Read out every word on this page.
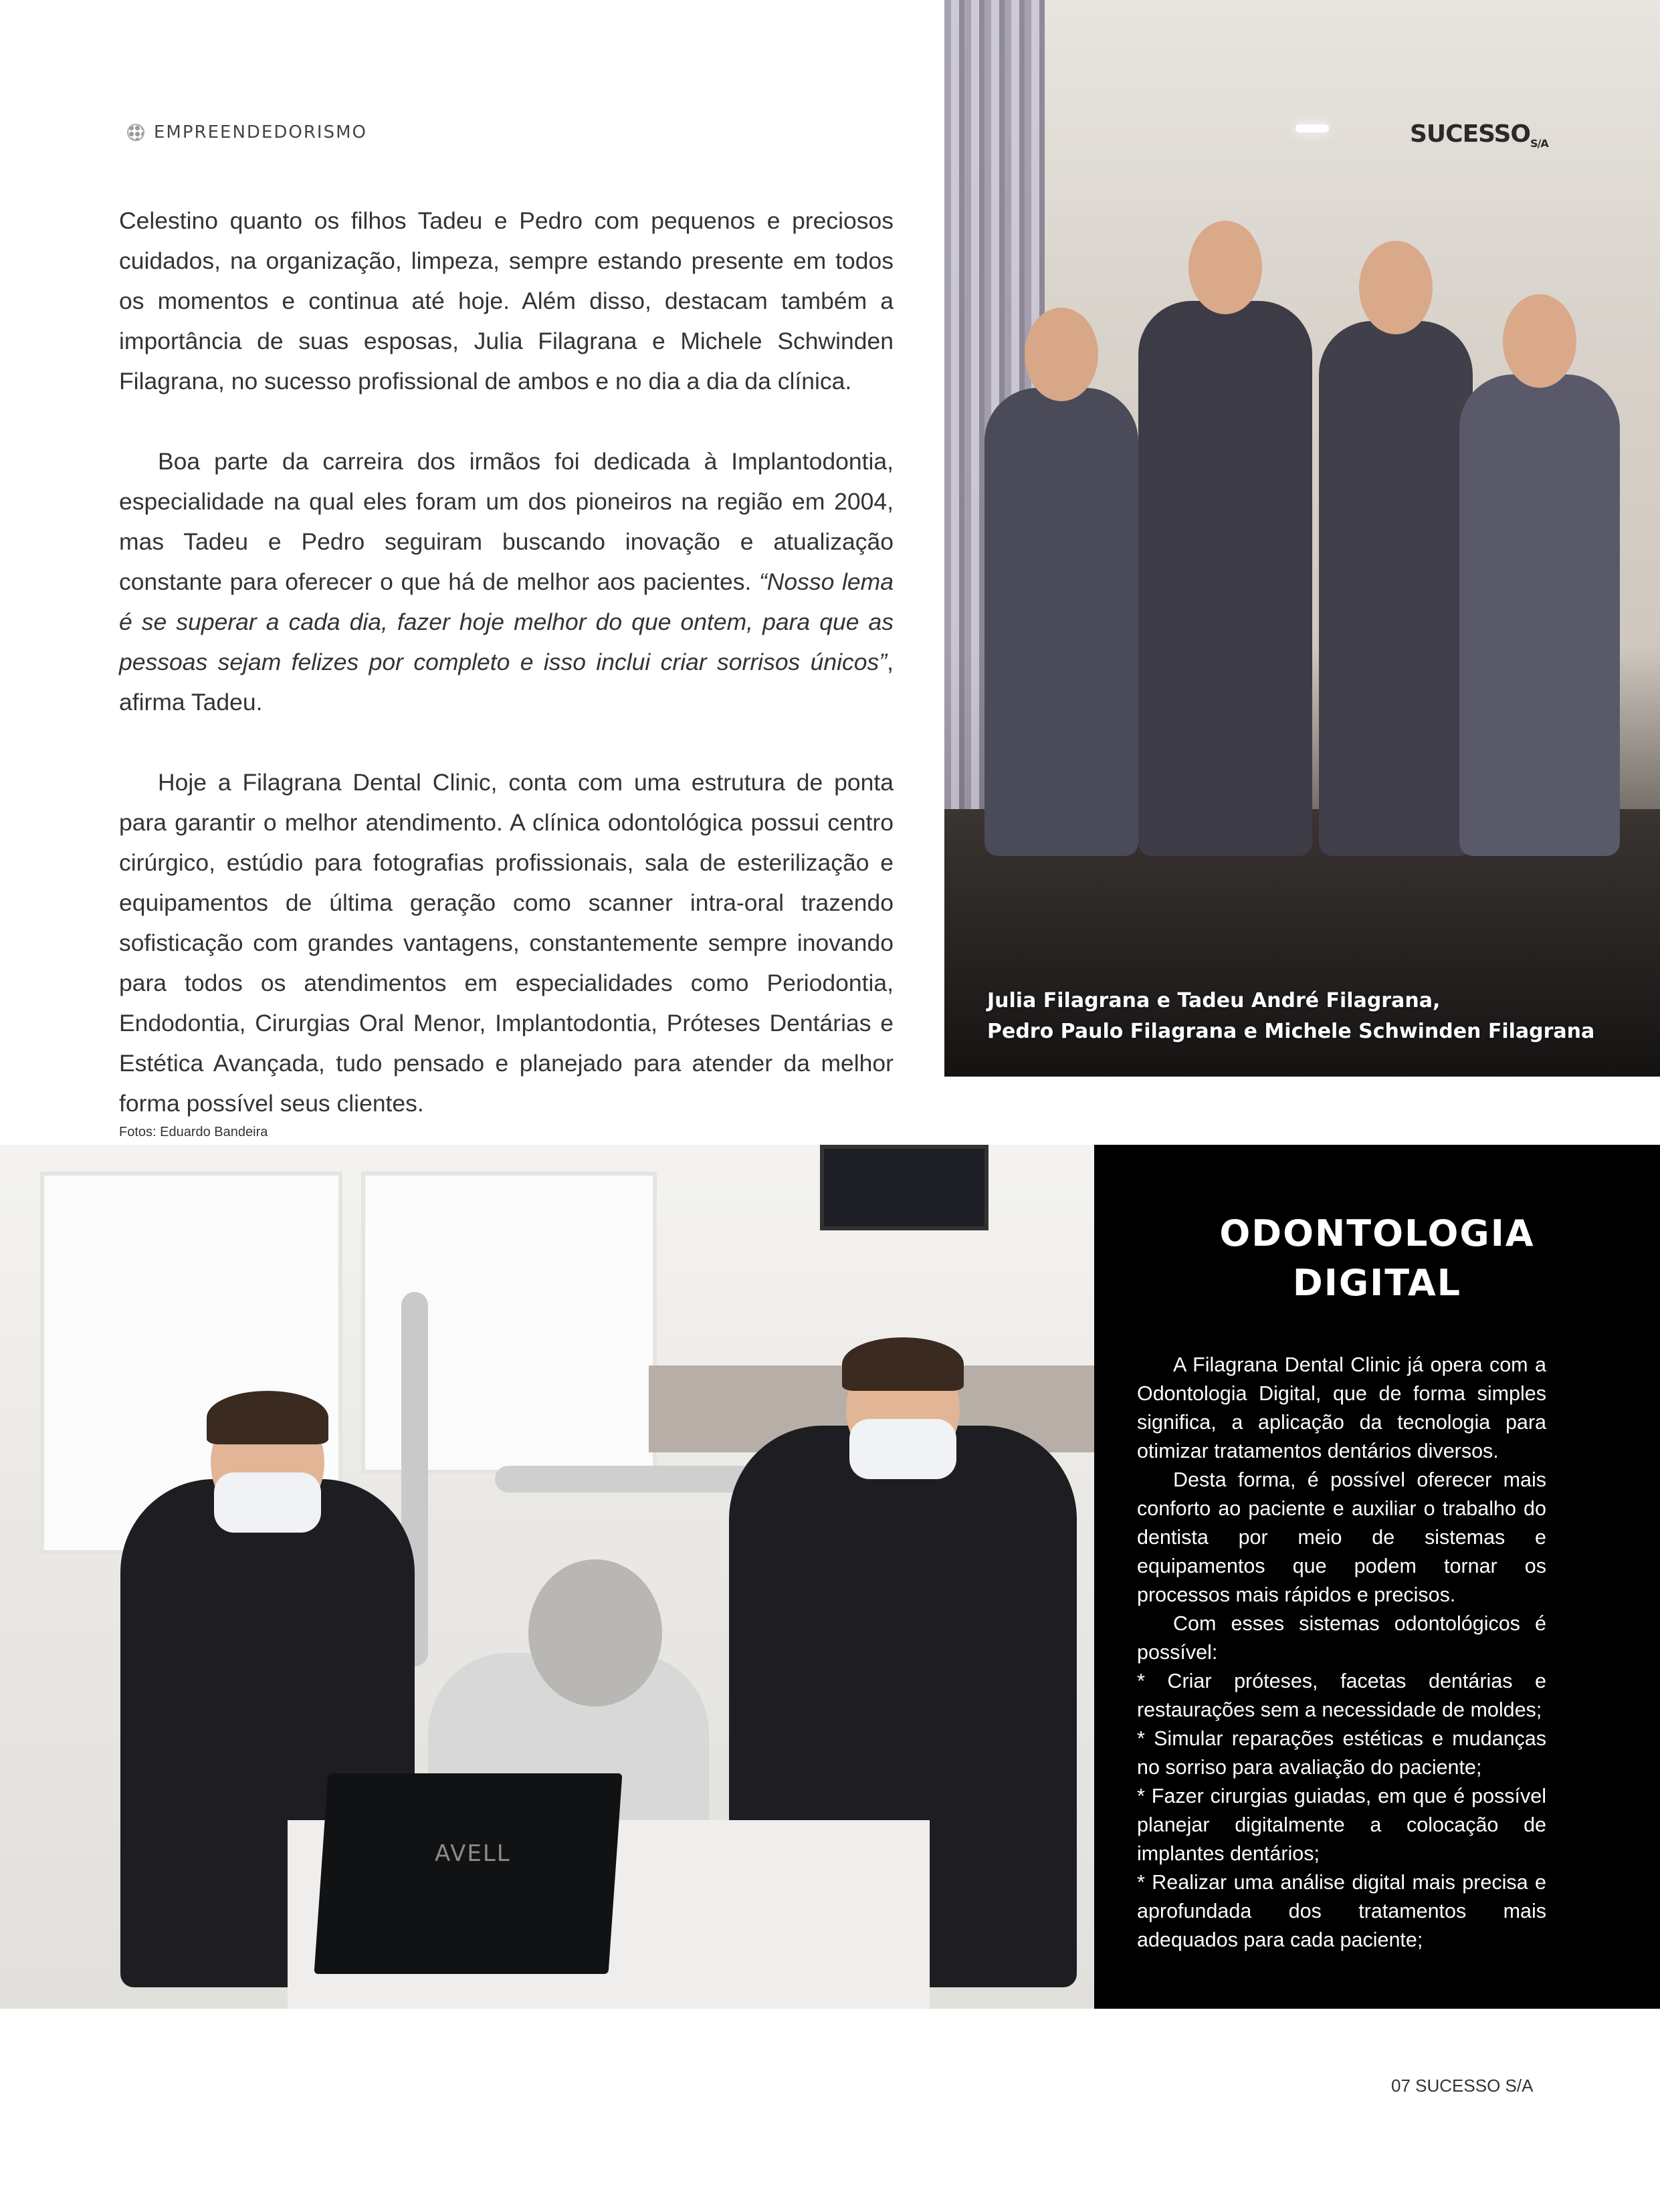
EMPREENDEDORISMO

Celestino quanto os filhos Tadeu e Pedro com pequenos e preciosos cuidados, na organização, limpeza, sempre estando presente em todos os momentos e continua até hoje. Além disso, destacam também a importância de suas esposas, Julia Filagrana e Michele Schwinden Filagrana, no sucesso profissional de ambos e no dia a dia da clínica.

Boa parte da carreira dos irmãos foi dedicada à Implantodontia, especialidade na qual eles foram um dos pioneiros na região em 2004, mas Tadeu e Pedro seguiram buscando inovação e atualização constante para oferecer o que há de melhor aos pacientes. “Nosso lema é se superar a cada dia, fazer hoje melhor do que ontem, para que as pessoas sejam felizes por completo e isso inclui criar sorrisos únicos”, afirma Tadeu.

Hoje a Filagrana Dental Clinic, conta com uma estrutura de ponta para garantir o melhor atendimento. A clínica odontológica possui centro cirúrgico, estúdio para fotografias profissionais, sala de esterilização e equipamentos de última geração como scanner intra-oral trazendo sofisticação com grandes vantagens, constantemente sempre inovando para todos os atendimentos em especialidades como Periodontia, Endodontia, Cirurgias Oral Menor, Implantodontia, Próteses Dentárias e Estética Avançada, tudo pensado e planejado para atender da melhor forma possível seus clientes.

Fotos: Eduardo Bandeira
$SUCESSO_{S/A}$
Julia Filagrana e Tadeu André Filagrana,
Pedro Paulo Filagrana e Michele Schwinden Filagrana
AVELL
ODONTOLOGIA
DIGITAL

A Filagrana Dental Clinic já opera com a Odontologia Digital, que de forma simples significa, a aplicação da tecnologia para otimizar tratamentos dentários diversos.

Desta forma, é possível oferecer mais conforto ao paciente e auxiliar o trabalho do dentista por meio de sistemas e equipamentos que podem tornar os processos mais rápidos e precisos.

Com esses sistemas odontológicos é possível:

* Criar próteses, facetas dentárias e restaurações sem a necessidade de moldes;

* Simular reparações estéticas e mudanças no sorriso para avaliação do paciente;

* Fazer cirurgias guiadas, em que é possível planejar digitalmente a colocação de implantes dentários;

* Realizar uma análise digital mais precisa e aprofundada dos tratamentos mais adequados para cada paciente;

07 SUCESSO S/A
